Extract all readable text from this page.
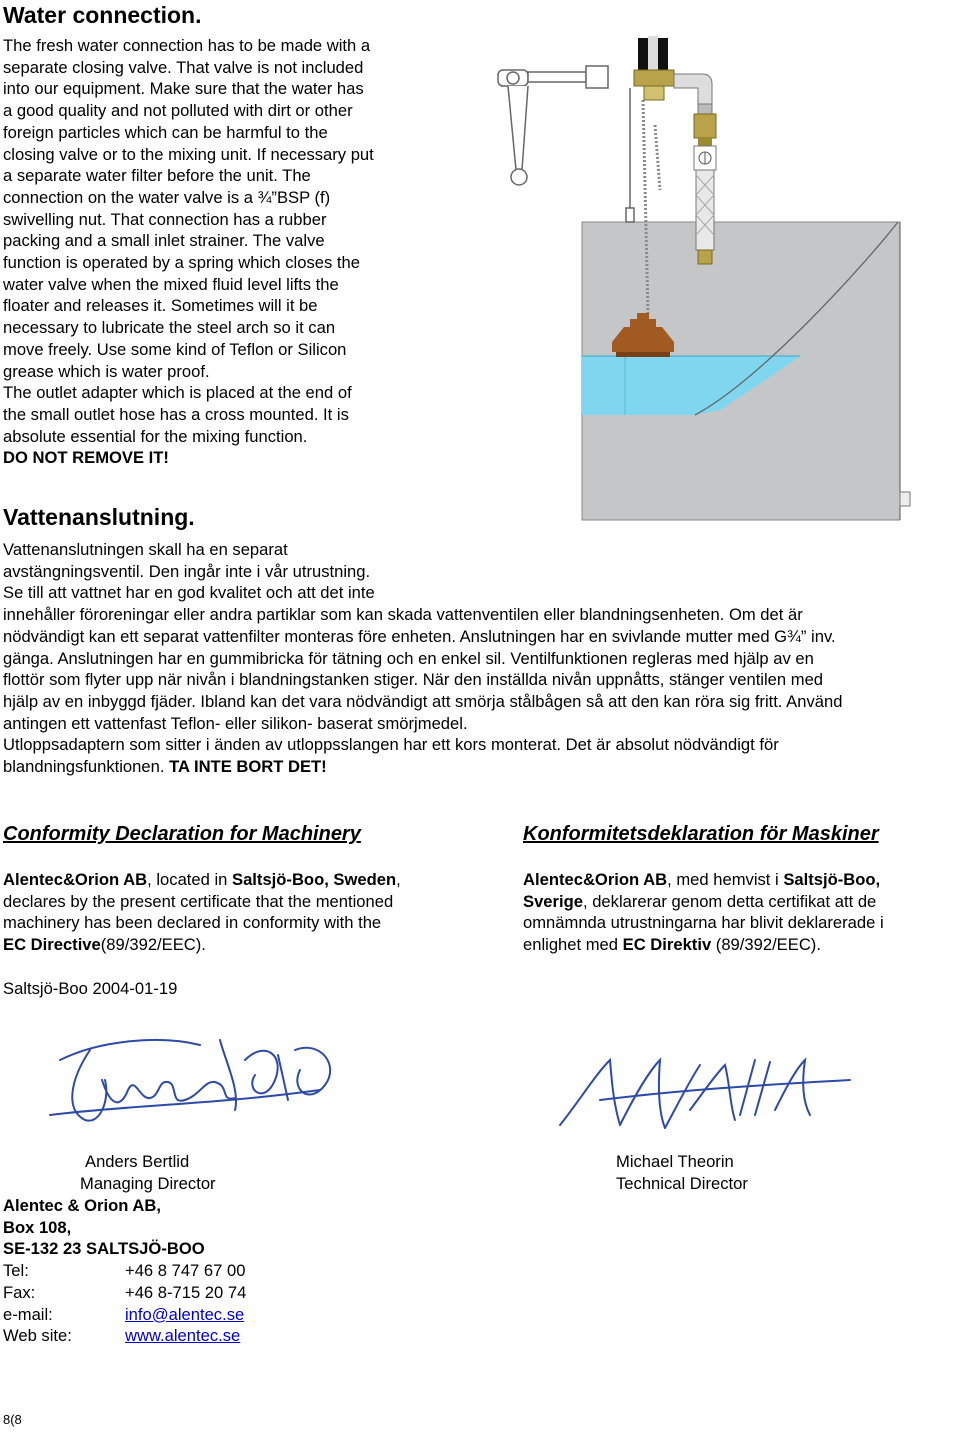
Water connection.

The fresh water connection has to be made with a

separate closing valve. That valve is not included

into our equipment. Make sure that the water has

a good quality and not polluted with dirt or other

foreign particles which can be harmful to the

closing valve or to the mixing unit. If necessary put

a separate water filter before the unit. The

connection on the water valve is a ¾”BSP (f)

swivelling nut. That connection has a rubber

packing and a small inlet strainer. The valve

function is operated by a spring which closes the

water valve when the mixed fluid level lifts the

floater and releases it. Sometimes will it be

necessary to lubricate the steel arch so it can

move freely. Use some kind of Teflon or Silicon

grease which is water proof.

The outlet adapter which is placed at the end of

the small outlet hose has a cross mounted. It is

absolute essential for the mixing function.

DO NOT REMOVE IT!

Vattenanslutning.

Vattenanslutningen skall ha en separat

avstängningsventil. Den ingår inte i vår utrustning.

Se till att vattnet har en god kvalitet och att det inte

innehåller föroreningar eller andra partiklar som kan skada vattenventilen eller blandningsenheten. Om det är

nödvändigt kan ett separat vattenfilter monteras före enheten. Anslutningen har en svivlande mutter med G¾” inv.

gänga. Anslutningen har en gummibricka för tätning och en enkel sil. Ventilfunktionen regleras med hjälp av en

flottör som flyter upp när nivån i blandningstanken stiger. När den inställda nivån uppnåtts, stänger ventilen med

hjälp av en inbyggd fjäder. Ibland kan det vara nödvändigt att smörja stålbågen så att den kan röra sig fritt. Använd

antingen ett vattenfast Teflon- eller silikon- baserat smörjmedel.

Utloppsadaptern som sitter i änden av utloppsslangen har ett kors monterat. Det är absolut nödvändigt för

blandningsfunktionen. TA INTE BORT DET!

Conformity Declaration for Machinery	Konformitetsdeklaration för Maskiner

Alentec&Orion AB, located in Saltsjö-Boo, Sweden,

declares by the present certificate that the mentioned

machinery has been declared in conformity with the

EC Directive(89/392/EEC).

Alentec&Orion AB, med hemvist i Saltsjö-Boo,

Sverige, deklarerar genom detta certifikat att de

omnämnda utrustningarna har blivit deklarerade i

enlighet med EC Direktiv (89/392/EEC).

Saltsjö-Boo 2004-01-19
Anders Bertlid
Managing Director
Michael Theorin
Technical Director

Alentec & Orion AB,

Box 108,

SE-132 23 SALTSJÖ-BOO

Tel:	+46 8 747 67 00
Fax:	+46 8-715 20 74
e-mail:	info@alentec.se
Web site:	www.alentec.se
8(8
